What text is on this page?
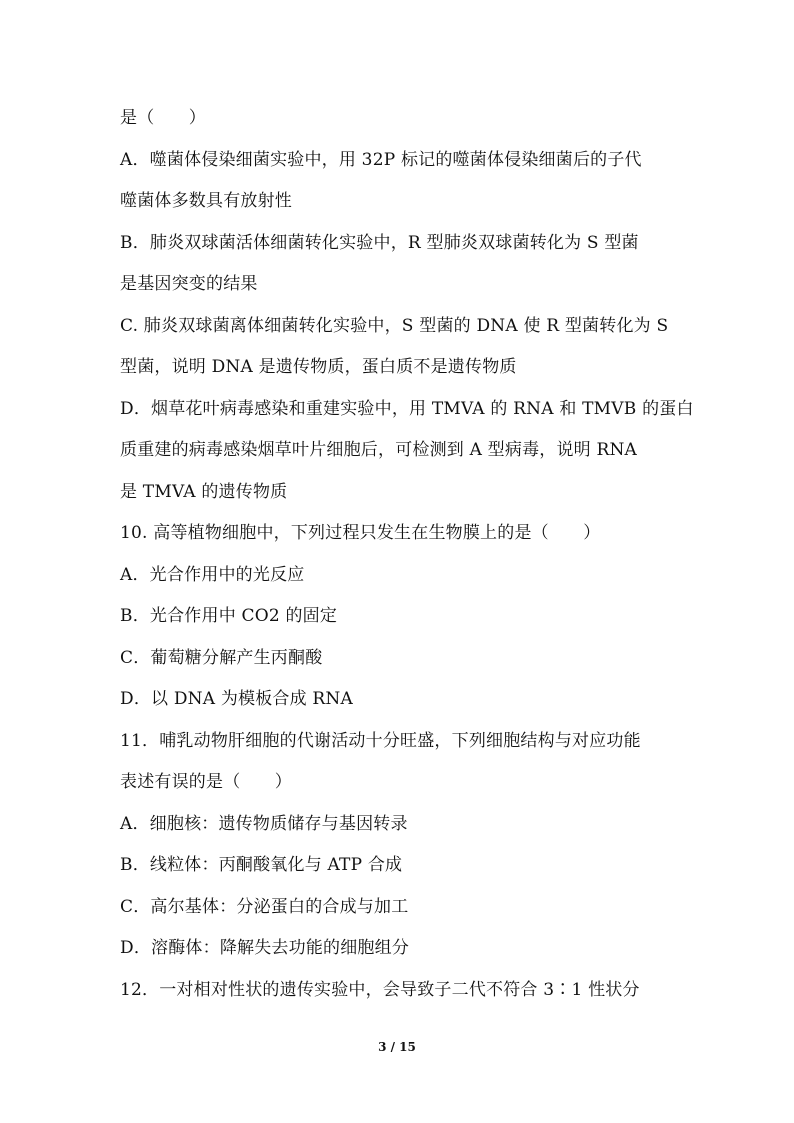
是（　　）
A．噬菌体侵染细菌实验中，用 32P 标记的噬菌体侵染细菌后的子代
噬菌体多数具有放射性
B．肺炎双球菌活体细菌转化实验中，R 型肺炎双球菌转化为 S 型菌
是基因突变的结果
C. 肺炎双球菌离体细菌转化实验中，S 型菌的 DNA 使 R 型菌转化为 S
型菌，说明 DNA 是遗传物质，蛋白质不是遗传物质
D．烟草花叶病毒感染和重建实验中，用 TMVA 的 RNA 和 TMVB 的蛋白
质重建的病毒感染烟草叶片细胞后，可检测到 A 型病毒，说明 RNA
是 TMVA 的遗传物质
10. 高等植物细胞中，下列过程只发生在生物膜上的是（　　）
A．光合作用中的光反应
B．光合作用中 CO2 的固定
C．葡萄糖分解产生丙酮酸
D．以 DNA 为模板合成 RNA
11．哺乳动物肝细胞的代谢活动十分旺盛，下列细胞结构与对应功能
表述有误的是（　　）
A．细胞核：遗传物质储存与基因转录
B．线粒体：丙酮酸氧化与 ATP 合成
C．高尔基体：分泌蛋白的合成与加工
D．溶酶体：降解失去功能的细胞组分
12．一对相对性状的遗传实验中，会导致子二代不符合 3∶1 性状分
3 / 15
